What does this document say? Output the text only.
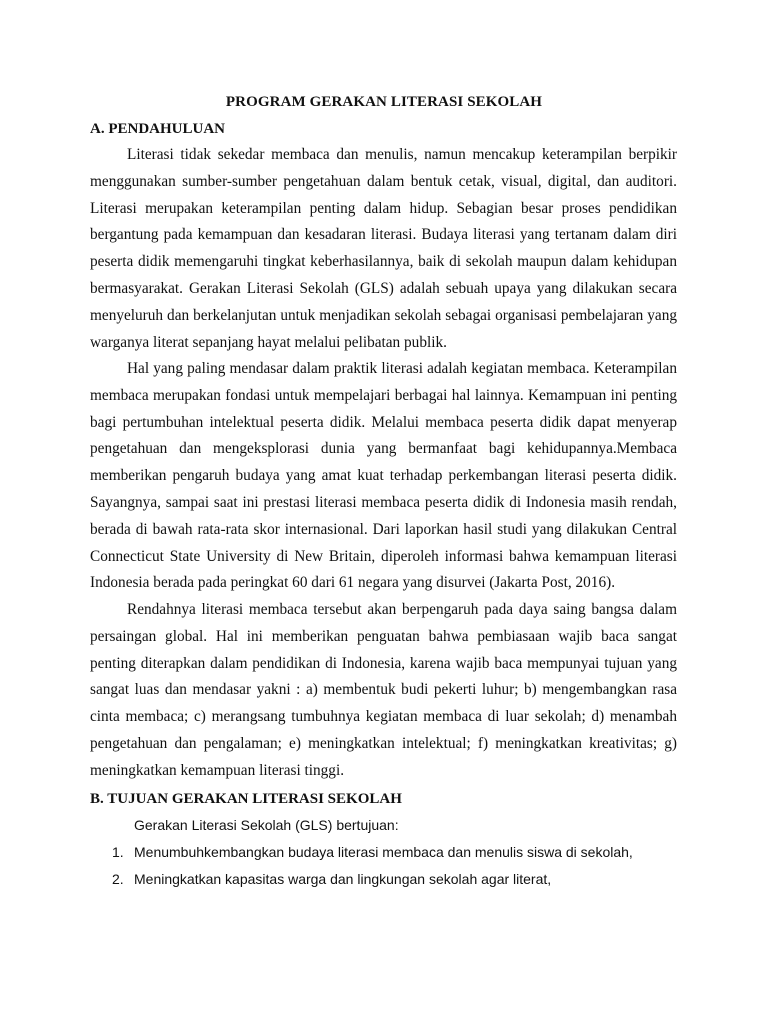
PROGRAM GERAKAN LITERASI SEKOLAH
A. PENDAHULUAN

Literasi tidak sekedar membaca dan menulis, namun mencakup keterampilan berpikir menggunakan sumber-sumber pengetahuan dalam bentuk cetak, visual, digital, dan auditori. Literasi merupakan keterampilan penting dalam hidup. Sebagian besar proses pendidikan bergantung pada kemampuan dan kesadaran literasi. Budaya literasi yang tertanam dalam diri peserta didik memengaruhi tingkat keberhasilannya, baik di sekolah maupun dalam kehidupan bermasyarakat. Gerakan Literasi Sekolah (GLS) adalah sebuah upaya yang dilakukan secara menyeluruh dan berkelanjutan untuk menjadikan sekolah sebagai organisasi pembelajaran yang warganya literat sepanjang hayat melalui pelibatan publik.

Hal yang paling mendasar dalam praktik literasi adalah kegiatan membaca. Keterampilan membaca merupakan fondasi untuk mempelajari berbagai hal lainnya. Kemampuan ini penting bagi pertumbuhan intelektual peserta didik. Melalui membaca peserta didik dapat menyerap pengetahuan dan mengeksplorasi dunia yang bermanfaat bagi kehidupannya.Membaca memberikan pengaruh budaya yang amat kuat terhadap perkembangan literasi peserta didik. Sayangnya, sampai saat ini prestasi literasi membaca peserta didik di Indonesia masih rendah, berada di bawah rata-rata skor internasional. Dari laporkan hasil studi yang dilakukan Central Connecticut State University di New Britain, diperoleh informasi bahwa kemampuan literasi Indonesia berada pada peringkat 60 dari 61 negara yang disurvei (Jakarta Post, 2016).

Rendahnya literasi membaca tersebut akan berpengaruh pada daya saing bangsa dalam persaingan global. Hal ini memberikan penguatan bahwa pembiasaan wajib baca sangat penting diterapkan dalam pendidikan di Indonesia, karena wajib baca mempunyai tujuan yang sangat luas dan mendasar yakni : a) membentuk budi pekerti luhur; b) mengembangkan rasa cinta membaca; c) merangsang tumbuhnya kegiatan membaca di luar sekolah; d) menambah pengetahuan dan pengalaman; e) meningkatkan intelektual; f) meningkatkan kreativitas; g) meningkatkan kemampuan literasi tinggi.

B. TUJUAN GERAKAN LITERASI SEKOLAH
Gerakan Literasi Sekolah (GLS) bertujuan:
1. Menumbuhkembangkan budaya literasi membaca dan menulis siswa di sekolah,
2. Meningkatkan kapasitas warga dan lingkungan sekolah agar literat,
